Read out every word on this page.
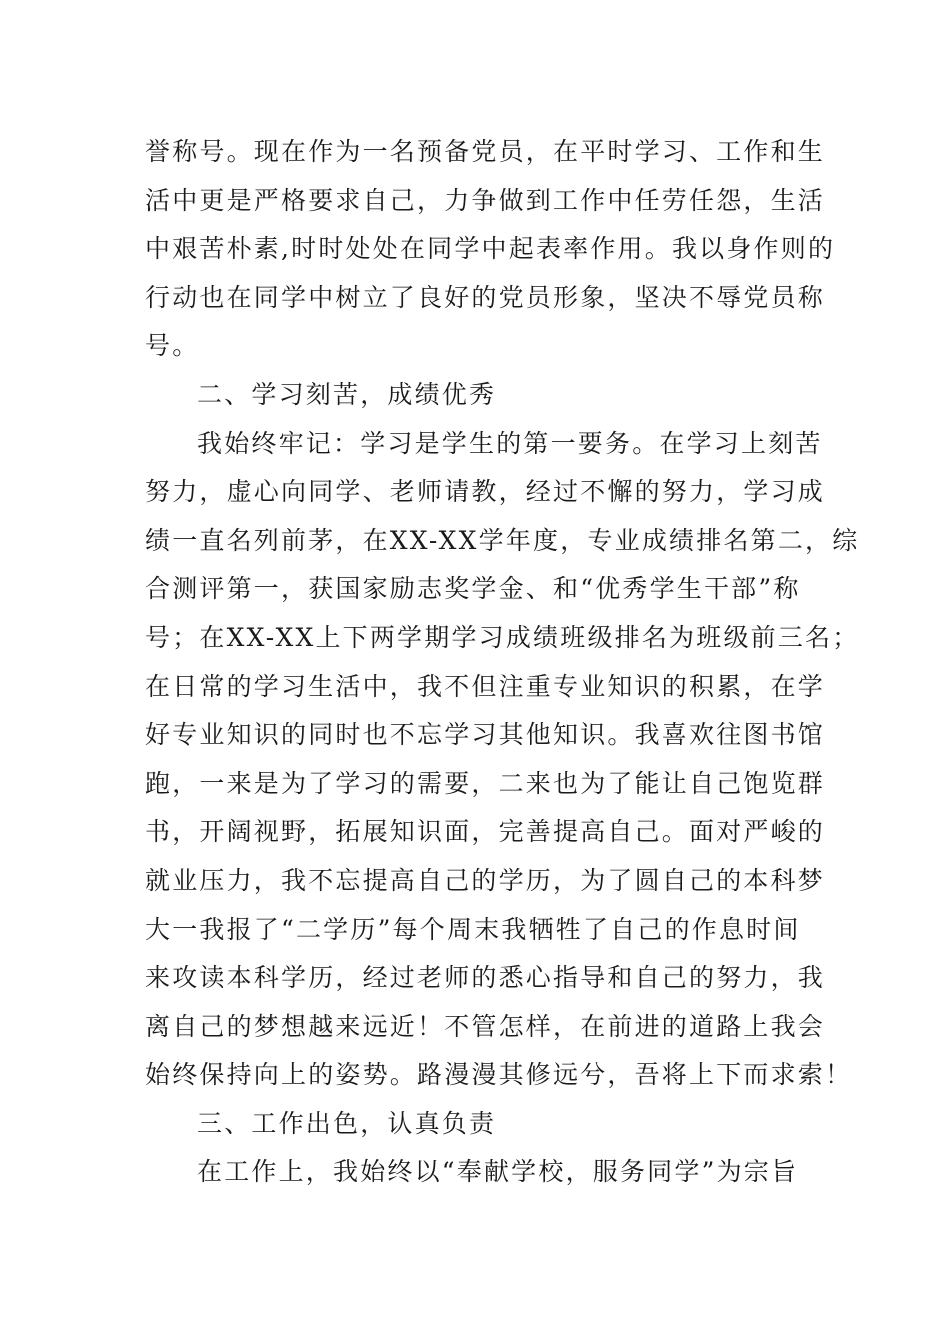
誉称号。现在作为一名预备党员，在平时学习、工作和生
活中更是严格要求自己，力争做到工作中任劳任怨，生活
中艰苦朴素,时时处处在同学中起表率作用。我以身作则的
行动也在同学中树立了良好的党员形象，坚决不辱党员称
号。
二、学习刻苦，成绩优秀
我始终牢记：学习是学生的第一要务。在学习上刻苦
努力，虚心向同学、老师请教，经过不懈的努力，学习成
绩一直名列前茅，在XX-XX学年度，专业成绩排名第二，综
合测评第一，获国家励志奖学金、和“优秀学生干部”称
号；在XX-XX上下两学期学习成绩班级排名为班级前三名；
在日常的学习生活中，我不但注重专业知识的积累，在学
好专业知识的同时也不忘学习其他知识。我喜欢往图书馆
跑，一来是为了学习的需要，二来也为了能让自己饱览群
书，开阔视野，拓展知识面，完善提高自己。面对严峻的
就业压力，我不忘提高自己的学历，为了圆自己的本科梦
大一我报了“二学历”每个周末我牺牲了自己的作息时间
来攻读本科学历，经过老师的悉心指导和自己的努力，我
离自己的梦想越来远近！不管怎样，在前进的道路上我会
始终保持向上的姿势。路漫漫其修远兮，吾将上下而求索！
三、工作出色，认真负责
在工作上，我始终以“奉献学校，服务同学”为宗旨
